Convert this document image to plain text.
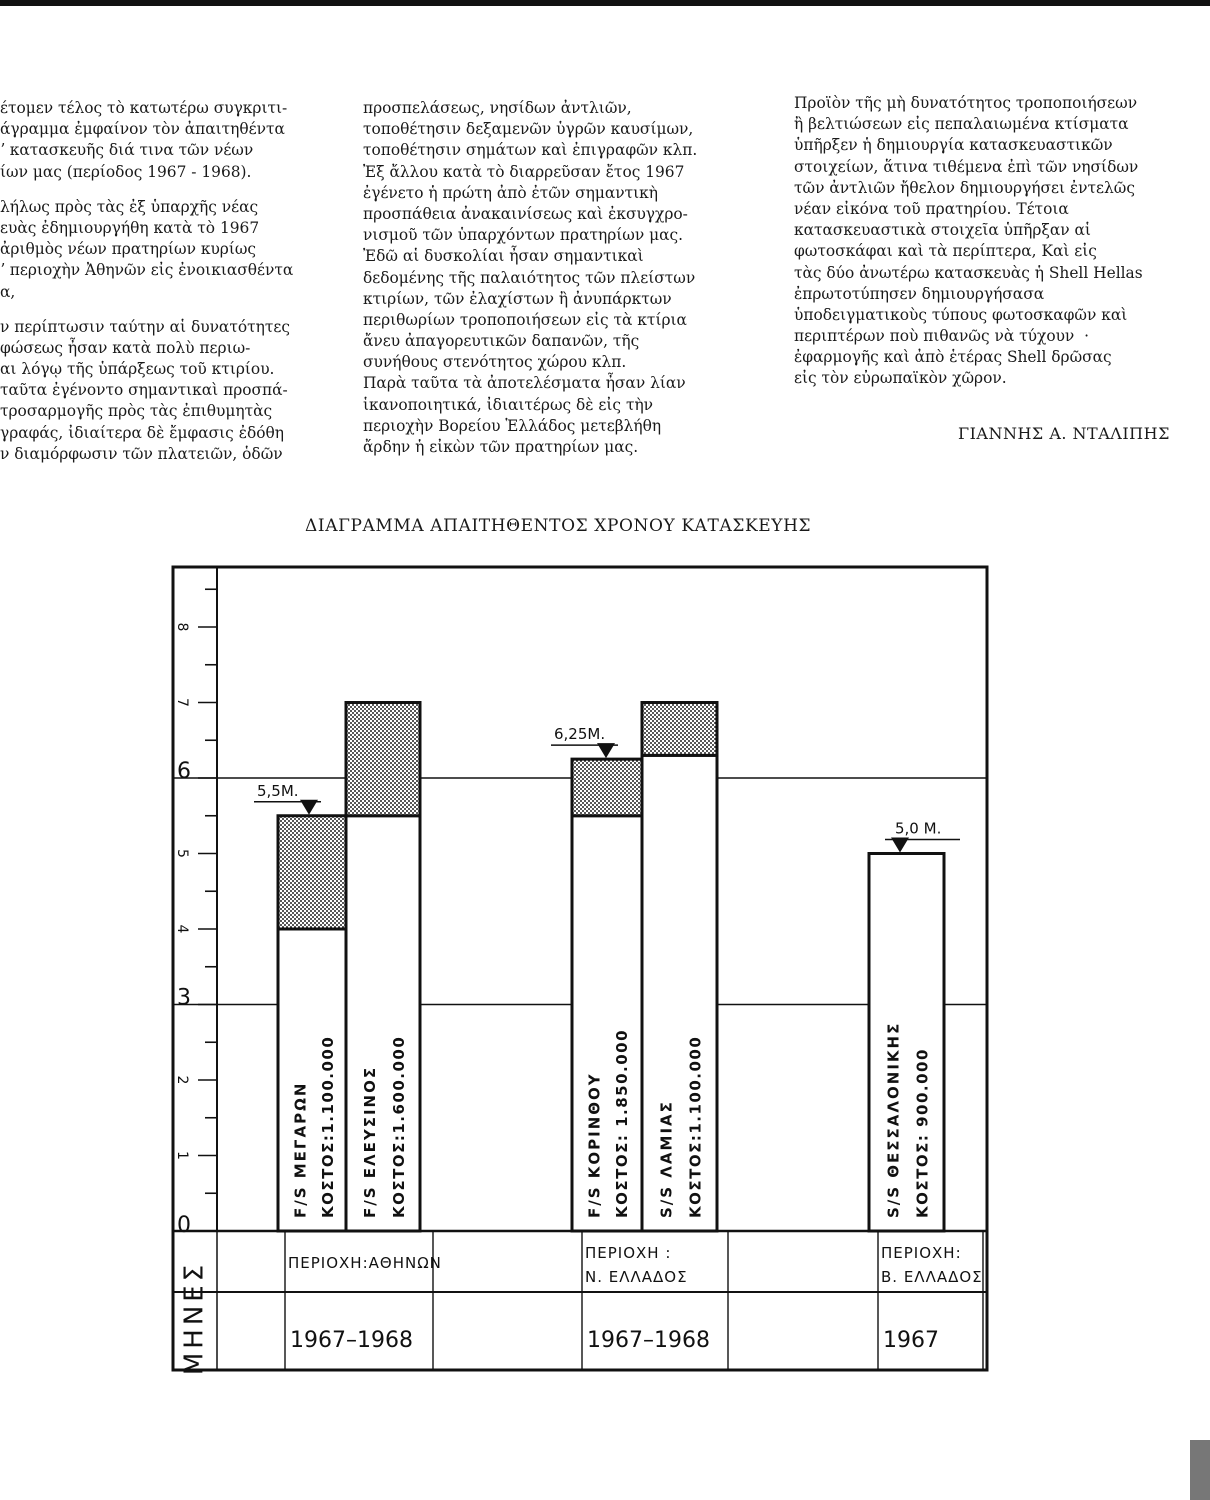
έτομεν τέλος τὸ κατωτέρω συγκριτι-
άγραμμα ἐμφαίνον τὸν ἀπαιτηθέντα
ʼ κατασκευῆς διά τινα τῶν νέων
ίων μας (περίοδος 1967 - 1968).
λήλως πρὸς τὰς ἐξ ὑπαρχῆς νέας
ευὰς ἐδημιουργήθη κατὰ τὸ 1967
ἀριθμὸς νέων πρατηρίων κυρίως
ʼ περιοχὴν Ἀθηνῶν εἰς ἐνοικιασθέντα
α,
ν περίπτωσιν ταύτην αἱ δυνατότητες
φώσεως ἦσαν κατὰ πολὺ περιω-
αι λόγῳ τῆς ὑπάρξεως τοῦ κτιρίου.
ταῦτα ἐγένοντο σημαντικαὶ προσπά-
τροσαρμογῆς πρὸς τὰς ἐπιθυμητὰς
γραφάς, ἰδιαίτερα δὲ ἔμφασις ἐδόθη
ν διαμόρφωσιν τῶν πλατειῶν, ὁδῶν
προσπελάσεως, νησίδων ἀντλιῶν,
τοποθέτησιν δεξαμενῶν ὑγρῶν καυσίμων,
τοποθέτησιν σημάτων καὶ ἐπιγραφῶν κλπ.
Ἐξ ἄλλου κατὰ τὸ διαρρεῦσαν ἔτος 1967
ἐγένετο ἡ πρώτη ἀπὸ ἐτῶν σημαντικὴ
προσπάθεια ἀνακαινίσεως καὶ ἐκσυγχρο-
νισμοῦ τῶν ὑπαρχόντων πρατηρίων μας.
Ἐδῶ αἱ δυσκολίαι ἦσαν σημαντικαὶ
δεδομένης τῆς παλαιότητος τῶν πλείστων
κτιρίων, τῶν ἐλαχίστων ἢ ἀνυπάρκτων
περιθωρίων τροποποιήσεων εἰς τὰ κτίρια
ἄνευ ἀπαγορευτικῶν δαπανῶν, τῆς
συνήθους στενότητος χώρου κλπ.
Παρὰ ταῦτα τὰ ἀποτελέσματα ἦσαν λίαν
ἱκανοποιητικά, ἰδιαιτέρως δὲ εἰς τὴν
περιοχὴν Βορείου Ἑλλάδος μετεβλήθη
ἄρδην ἡ εἰκὼν τῶν πρατηρίων μας.
Προϊὸν τῆς μὴ δυνατότητος τροποποιήσεων
ἢ βελτιώσεων εἰς πεπαλαιωμένα κτίσματα
ὑπῆρξεν ἡ δημιουργία κατασκευαστικῶν
στοιχείων, ἅτινα τιθέμενα ἐπὶ τῶν νησίδων
τῶν ἀντλιῶν ἤθελον δημιουργήσει ἐντελῶς
νέαν εἰκόνα τοῦ πρατηρίου. Τέτοια
κατασκευαστικὰ στοιχεῖα ὑπῆρξαν αἱ
φωτοσκάφαι καὶ τὰ περίπτερα, Καὶ εἰς
τὰς δύο ἀνωτέρω κατασκευὰς ἡ Shell Hellas
ἐπρωτοτύπησεν δημιουργήσασα
ὑποδειγματικοὺς τύπους φωτοσκαφῶν καὶ
περιπτέρων ποὺ πιθανῶς νὰ τύχουν  ·
ἐφαρμογῆς καὶ ἀπὸ ἑτέρας Shell δρῶσας
εἰς τὸν εὐρωπαϊκὸν χῶρον.
ΓΙΑΝΝΗΣ Α. ΝΤΑΛΙΠΗΣ
ΔΙΑΓΡΑΜΜΑ ΑΠΑΙΤΗΘΕΝΤΟΣ ΧΡΟΝΟΥ ΚΑΤΑΣΚΕΥΗΣ
0
1
2
3
4
5
6
7
8
ΜΗΝΕΣ
F/S ΜΕΓΑΡΩΝ ΚΟΣΤΟΣ:1.100.000
5,5Μ.
F/S ΕΛΕΥΣΙΝΟΣ ΚΟΣΤΟΣ:1.600.000	F/S ΚΟΡΙΝΘΟΥ ΚΟΣΤΟΣ: 1.850.000
6,25Μ.
S/S ΛΑΜΙΑΣ ΚΟΣΤΟΣ:1.100.000	S/S ΘΕΣΣΑΛΟΝΙΚΗΣ ΚΟΣΤΟΣ: 900.000
5,0 Μ.
ΠΕΡΙΟΧΗ:ΑΘΗΝΩΝ
1967–1968
ΠΕΡΙΟΧΗ :
Ν. ΕΛΛΑΔΟΣ
1967–1968
ΠΕΡΙΟΧΗ:
Β. ΕΛΛΑΔΟΣ
1967
